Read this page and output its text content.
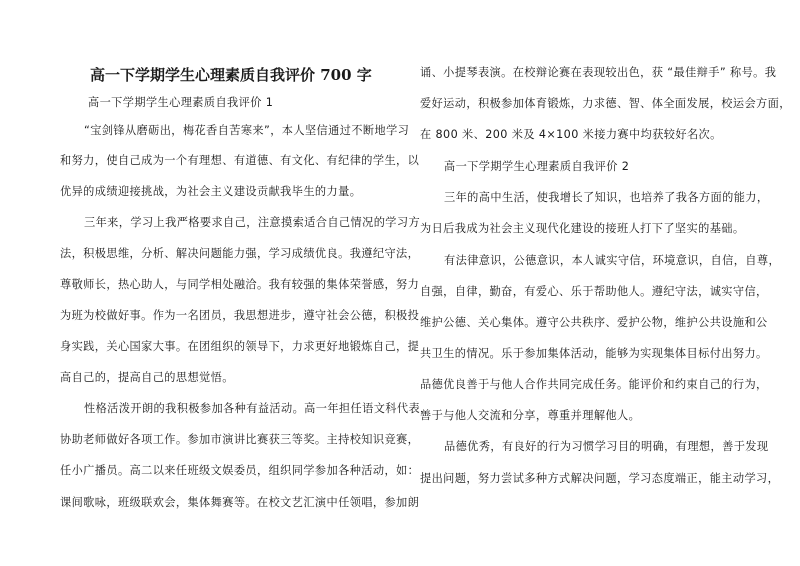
高一下学期学生心理素质自我评价 700 字
高一下学期学生心理素质自我评价 1
“宝剑锋从磨砺出，梅花香自苦寒来”，本人坚信通过不断地学习
和努力，使自己成为一个有理想、有道德、有文化、有纪律的学生，以
优异的成绩迎接挑战，为社会主义建设贡献我毕生的力量。
三年来，学习上我严格要求自己，注意摸索适合自己情况的学习方
法，积极思维，分析、解决问题能力强，学习成绩优良。我遵纪守法，
尊敬师长，热心助人，与同学相处融洽。我有较强的集体荣誉感，努力
为班为校做好事。作为一名团员，我思想进步，遵守社会公德，积极投
身实践，关心国家大事。在团组织的领导下，力求更好地锻炼自己，提
高自己的，提高自己的思想觉悟。
性格活泼开朗的我积极参加各种有益活动。高一年担任语文科代表，
协助老师做好各项工作。参加市演讲比赛获三等奖。主持校知识竞赛，
任小广播员。高二以来任班级文娱委员，组织同学参加各种活动，如：
课间歌咏，班级联欢会，集体舞赛等。在校文艺汇演中任领唱，参加朗
诵、小提琴表演。在校辩论赛在表现较出色，获 “最佳辩手” 称号。我
爱好运动，积极参加体育锻炼，力求德、智、体全面发展，校运会方面，
在 800 米、200 米及 4×100 米接力赛中均获较好名次。
高一下学期学生心理素质自我评价 2
三年的高中生活，使我增长了知识，也培养了我各方面的能力，
为日后我成为社会主义现代化建设的接班人打下了坚实的基础。
有法律意识，公德意识，本人诚实守信，环境意识，自信，自尊，
自强，自律，勤奋，有爱心、乐于帮助他人。遵纪守法，诚实守信，
维护公德、关心集体。遵守公共秩序、爱护公物，维护公共设施和公
共卫生的情况。乐于参加集体活动，能够为实现集体目标付出努力。
品德优良善于与他人合作共同完成任务。能评价和约束自己的行为，
善于与他人交流和分享，尊重并理解他人。
品德优秀，有良好的行为习惯学习目的明确，有理想，善于发现
提出问题，努力尝试多种方式解决问题，学习态度端正，能主动学习，
